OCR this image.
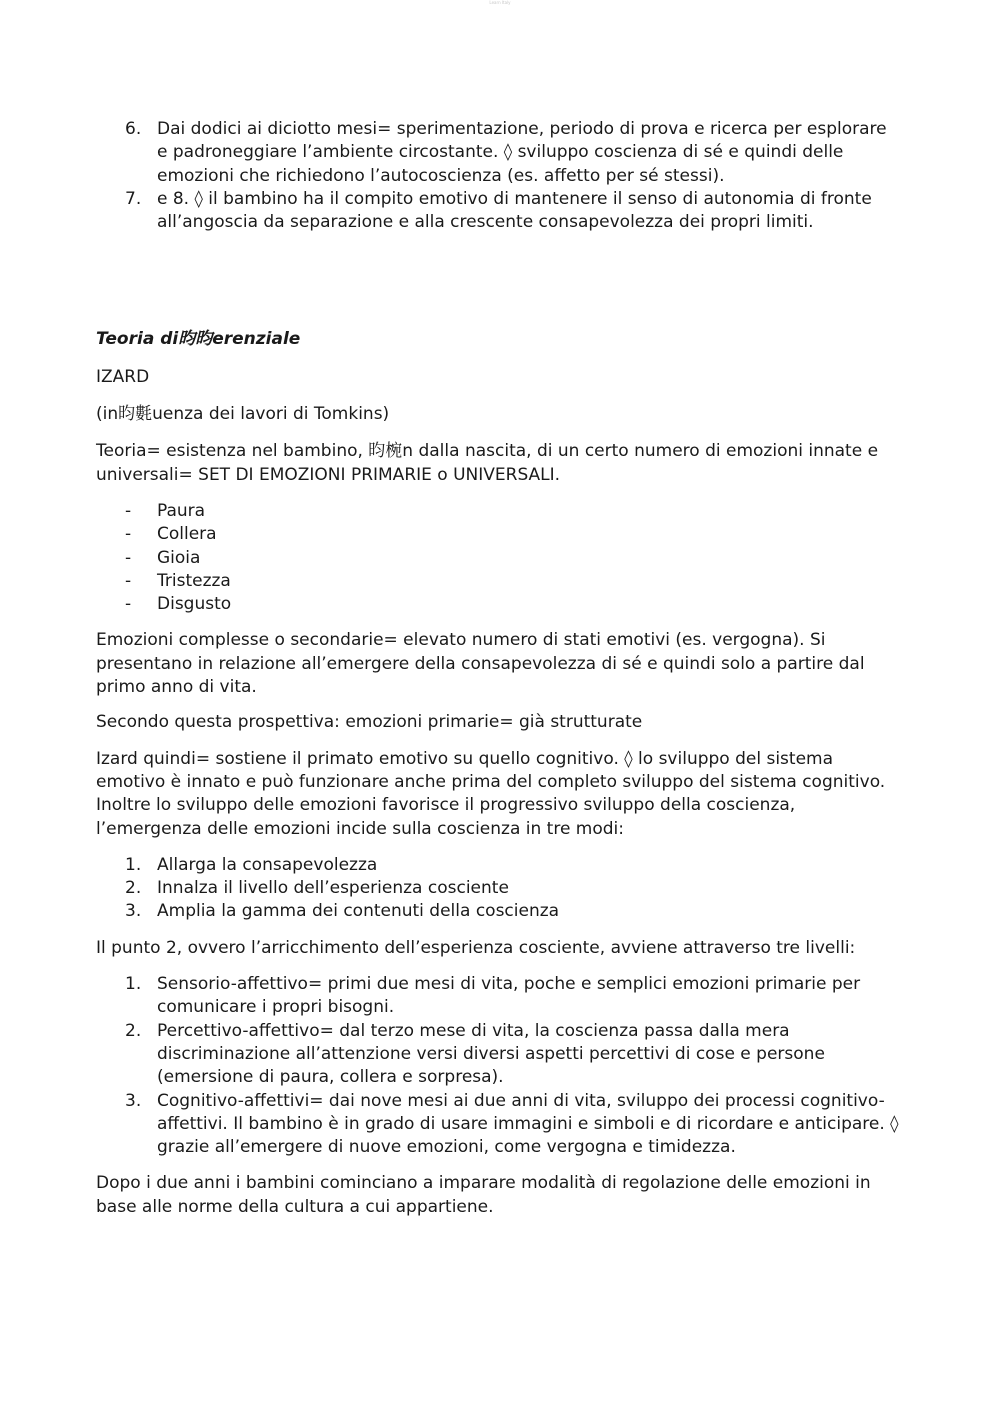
Learn Italy
6. Dai dodici ai diciotto mesi= sperimentazione, periodo di prova e ricerca per esplorare e padroneggiare l’ambiente circostante. ◊ sviluppo coscienza di sé e quindi delle emozioni che richiedono l’autocoscienza (es. affetto per sé stessi).
7. e 8. ◊ il bambino ha il compito emotivo di mantenere il senso di autonomia di fronte all’angoscia da separazione e alla crescente consapevolezza dei propri limiti.

Teoria di昀昀erenziale

IZARD

(in昀氀uenza dei lavori di Tomkins)

Teoria= esistenza nel bambino, 昀椀n dalla nascita, di un certo numero di emozioni innate e universali= SET DI EMOZIONI PRIMARIE o UNIVERSALI.

- Paura
- Collera
- Gioia
- Tristezza
- Disgusto

Emozioni complesse o secondarie= elevato numero di stati emotivi (es. vergogna). Si presentano in relazione all’emergere della consapevolezza di sé e quindi solo a partire dal primo anno di vita.

Secondo questa prospettiva: emozioni primarie= già strutturate

Izard quindi= sostiene il primato emotivo su quello cognitivo. ◊ lo sviluppo del sistema emotivo è innato e può funzionare anche prima del completo sviluppo del sistema cognitivo. Inoltre lo sviluppo delle emozioni favorisce il progressivo sviluppo della coscienza, l’emergenza delle emozioni incide sulla coscienza in tre modi:

1. Allarga la consapevolezza
2. Innalza il livello dell’esperienza cosciente
3. Amplia la gamma dei contenuti della coscienza

Il punto 2, ovvero l’arricchimento dell’esperienza cosciente, avviene attraverso tre livelli:

1. Sensorio-affettivo= primi due mesi di vita, poche e semplici emozioni primarie per comunicare i propri bisogni.
2. Percettivo-affettivo= dal terzo mese di vita, la coscienza passa dalla mera discriminazione all’attenzione versi diversi aspetti percettivi di cose e persone (emersione di paura, collera e sorpresa).
3. Cognitivo-affettivi= dai nove mesi ai due anni di vita, sviluppo dei processi cognitivo-affettivi. Il bambino è in grado di usare immagini e simboli e di ricordare e anticipare. ◊ grazie all’emergere di nuove emozioni, come vergogna e timidezza.

Dopo i due anni i bambini cominciano a imparare modalità di regolazione delle emozioni in base alle norme della cultura a cui appartiene.
